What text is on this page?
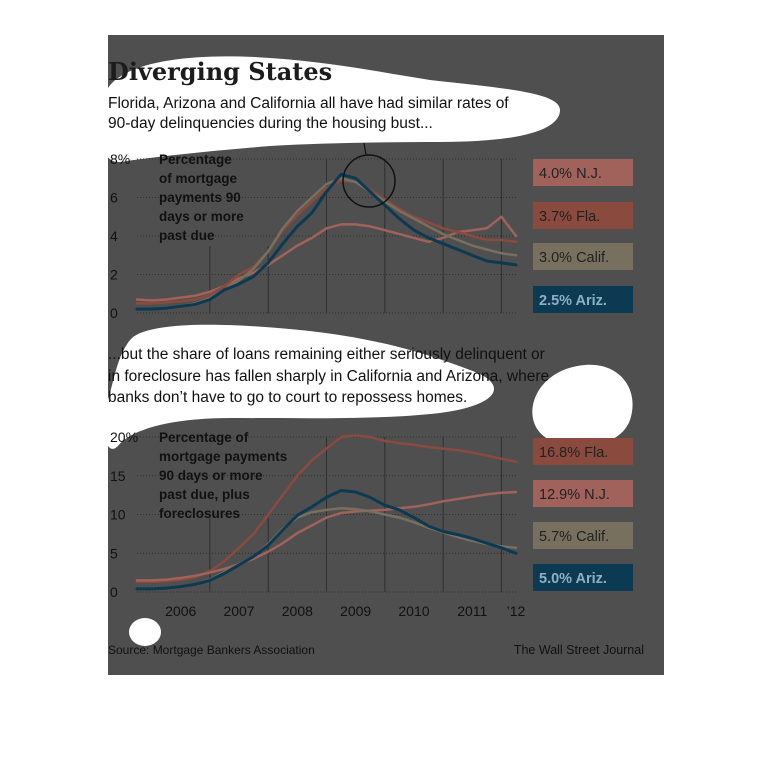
Diverging States
Florida, Arizona and California all have had similar rates of
90-day delinquencies during the housing bust...
0
2
4
6
8% Percentage
of mortgage
payments 90
days or more
past due
4.0% N.J.
3.7% Fla.
3.0% Calif.
2.5% Ariz.
...but the share of loans remaining either seriously delinquent or
in foreclosure has fallen sharply in California and Arizona, where
banks don’t have to go to court to repossess homes.
0
5
10
15
20% Percentage of
mortgage payments
90 days or more
past due, plus
foreclosures
16.8% Fla.
12.9% N.J.
5.7% Calif.
5.0% Ariz.
2006 2007 2008 2009 2010 2011 ’12
Source: Mortgage Bankers Association	The Wall Street Journal
